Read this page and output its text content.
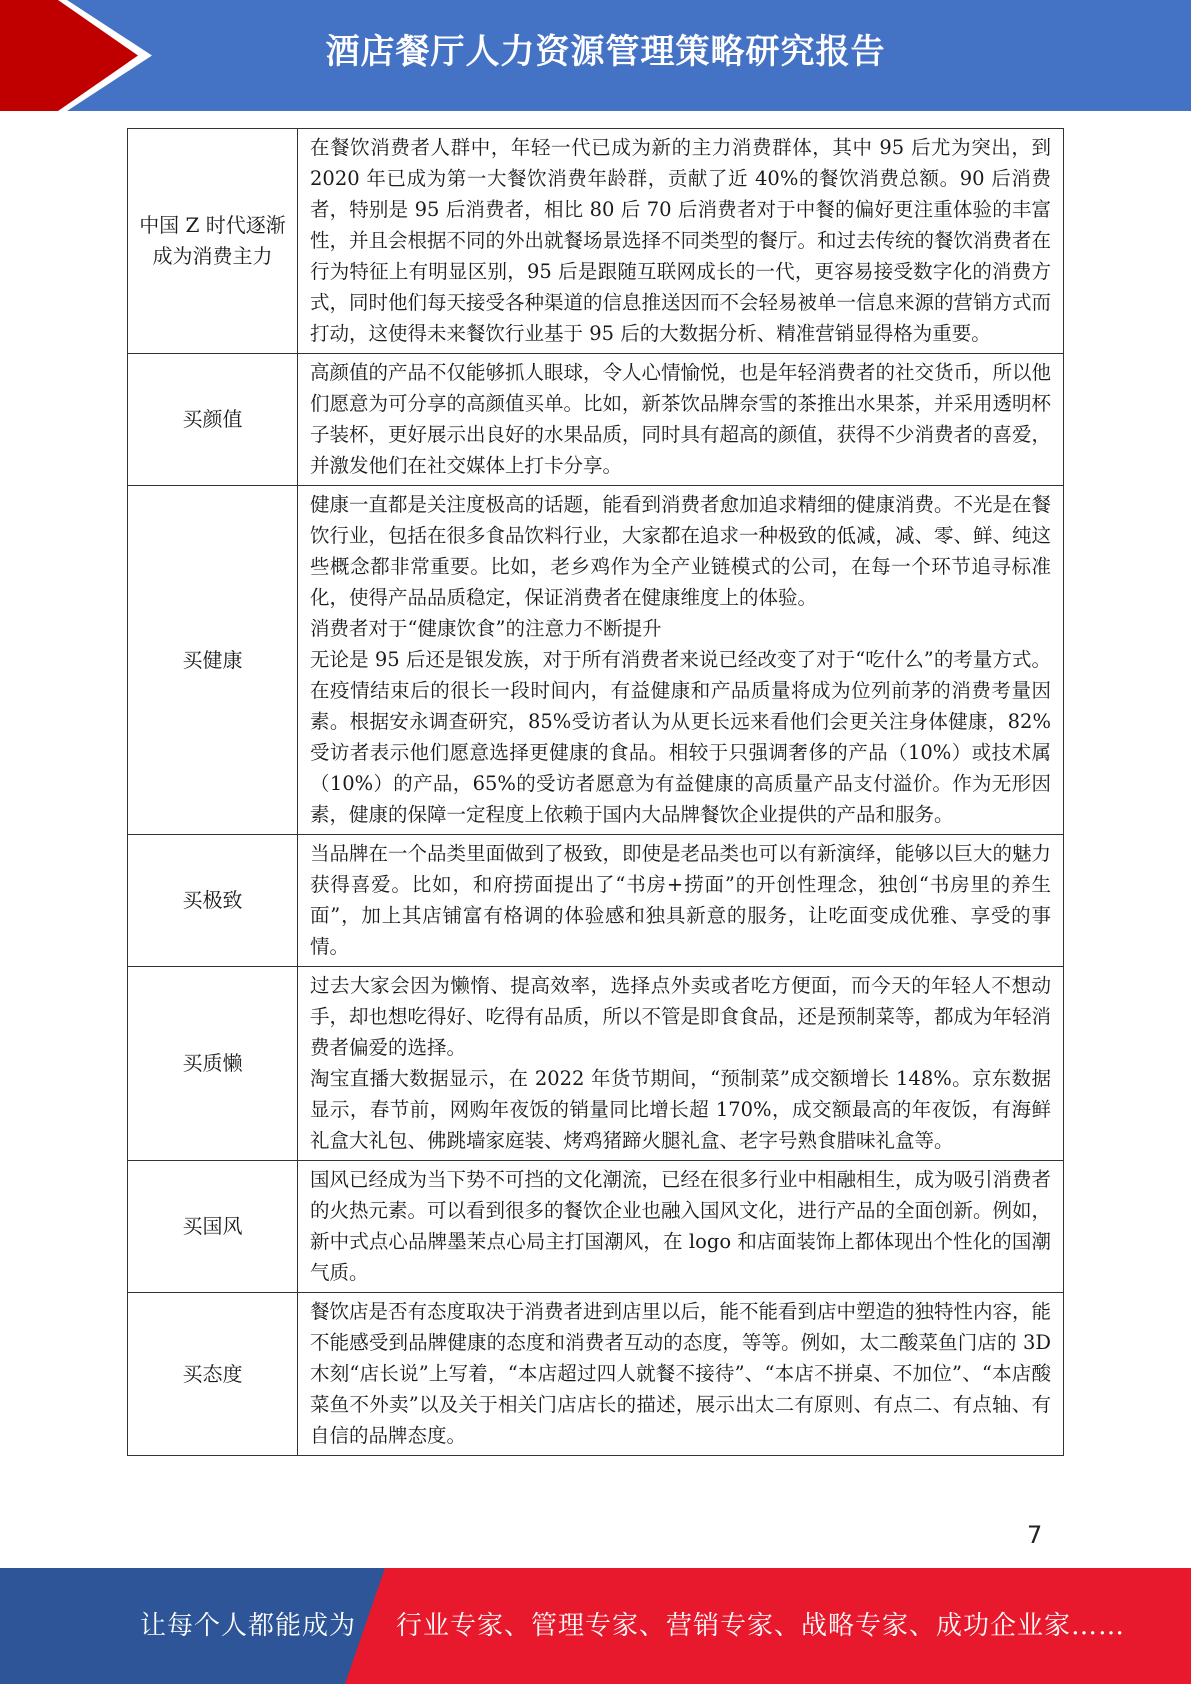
酒店餐厅人力资源管理策略研究报告
中国 Z 时代逐渐成为消费主力	在餐饮消费者人群中，年轻一代已成为新的主力消费群体，其中 95 后尤为突出，到 2020 年已成为第一大餐饮消费年龄群，贡献了近 40%的餐饮消费总额。90 后消费者，特别是 95 后消费者，相比 80 后 70 后消费者对于中餐的偏好更注重体验的丰富性，并且会根据不同的外出就餐场景选择不同类型的餐厅。和过去传统的餐饮消费者在行为特征上有明显区别，95 后是跟随互联网成长的一代，更容易接受数字化的消费方式，同时他们每天接受各种渠道的信息推送因而不会轻易被单一信息来源的营销方式而打动，这使得未来餐饮行业基于 95 后的大数据分析、精准营销显得格为重要。

买颜值	高颜值的产品不仅能够抓人眼球，令人心情愉悦，也是年轻消费者的社交货币，所以他们愿意为可分享的高颜值买单。比如，新茶饮品牌奈雪的茶推出水果茶，并采用透明杯子装杯，更好展示出良好的水果品质，同时具有超高的颜值，获得不少消费者的喜爱，并激发他们在社交媒体上打卡分享。

买健康	健康一直都是关注度极高的话题，能看到消费者愈加追求精细的健康消费。不光是在餐饮行业，包括在很多食品饮料行业，大家都在追求一种极致的低减，减、零、鲜、纯这些概念都非常重要。比如，老乡鸡作为全产业链模式的公司，在每一个环节追寻标准化，使得产品品质稳定，保证消费者在健康维度上的体验。

消费者对于“健康饮食”的注意力不断提升

无论是 95 后还是银发族，对于所有消费者来说已经改变了对于“吃什么”的考量方式。在疫情结束后的很长一段时间内，有益健康和产品质量将成为位列前茅的消费考量因素。根据安永调查研究，85%受访者认为从更长远来看他们会更关注身体健康，82%受访者表示他们愿意选择更健康的食品。相较于只强调奢侈的产品（10%）或技术属（10%）的产品，65%的受访者愿意为有益健康的高质量产品支付溢价。作为无形因素，健康的保障一定程度上依赖于国内大品牌餐饮企业提供的产品和服务。

买极致	当品牌在一个品类里面做到了极致，即使是老品类也可以有新演绎，能够以巨大的魅力获得喜爱。比如，和府捞面提出了“书房+捞面”的开创性理念，独创“书房里的养生面”，加上其店铺富有格调的体验感和独具新意的服务，让吃面变成优雅、享受的事情。

买质懒	过去大家会因为懒惰、提高效率，选择点外卖或者吃方便面，而今天的年轻人不想动手，却也想吃得好、吃得有品质，所以不管是即食食品，还是预制菜等，都成为年轻消费者偏爱的选择。

淘宝直播大数据显示，在 2022 年货节期间，“预制菜”成交额增长 148%。京东数据显示，春节前，网购年夜饭的销量同比增长超 170%，成交额最高的年夜饭，有海鲜礼盒大礼包、佛跳墙家庭装、烤鸡猪蹄火腿礼盒、老字号熟食腊味礼盒等。

买国风	国风已经成为当下势不可挡的文化潮流，已经在很多行业中相融相生，成为吸引消费者的火热元素。可以看到很多的餐饮企业也融入国风文化，进行产品的全面创新。例如，新中式点心品牌墨茉点心局主打国潮风，在 logo 和店面装饰上都体现出个性化的国潮气质。

买态度	餐饮店是否有态度取决于消费者进到店里以后，能不能看到店中塑造的独特性内容，能不能感受到品牌健康的态度和消费者互动的态度，等等。例如，太二酸菜鱼门店的 3D 木刻“店长说”上写着，“本店超过四人就餐不接待”、“本店不拼桌、不加位”、“本店酸菜鱼不外卖”以及关于相关门店店长的描述，展示出太二有原则、有点二、有点轴、有自信的品牌态度。

7
让每个人都能成为 行业专家、管理专家、营销专家、战略专家、成功企业家……
